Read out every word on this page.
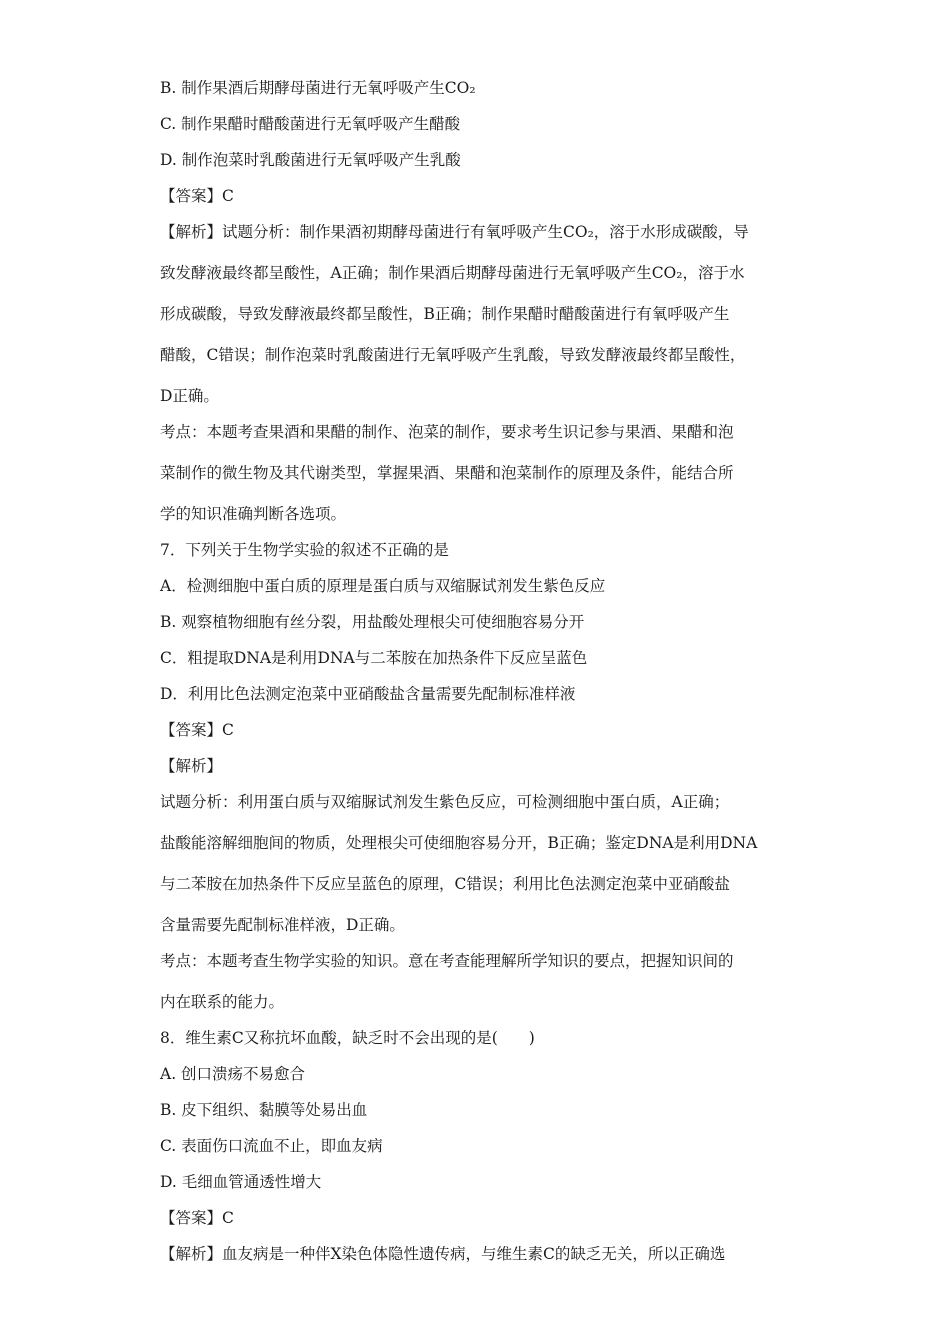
B. 制作果酒后期酵母菌进行无氧呼吸产生CO₂
C. 制作果醋时醋酸菌进行无氧呼吸产生醋酸
D. 制作泡菜时乳酸菌进行无氧呼吸产生乳酸
【答案】C
【解析】试题分析：制作果酒初期酵母菌进行有氧呼吸产生CO₂，溶于水形成碳酸，导
致发酵液最终都呈酸性，A正确；制作果酒后期酵母菌进行无氧呼吸产生CO₂，溶于水
形成碳酸，导致发酵液最终都呈酸性，B正确；制作果醋时醋酸菌进行有氧呼吸产生
醋酸，C错误；制作泡菜时乳酸菌进行无氧呼吸产生乳酸，导致发酵液最终都呈酸性，
D正确。
考点：本题考查果酒和果醋的制作、泡菜的制作，要求考生识记参与果酒、果醋和泡
菜制作的微生物及其代谢类型，掌握果酒、果醋和泡菜制作的原理及条件，能结合所
学的知识准确判断各选项。
7．下列关于生物学实验的叙述不正确的是
A．检测细胞中蛋白质的原理是蛋白质与双缩脲试剂发生紫色反应
B. 观察植物细胞有丝分裂，用盐酸处理根尖可使细胞容易分开
C．粗提取DNA是利用DNA与二苯胺在加热条件下反应呈蓝色
D．利用比色法测定泡菜中亚硝酸盐含量需要先配制标准样液
【答案】C
【解析】
试题分析：利用蛋白质与双缩脲试剂发生紫色反应，可检测细胞中蛋白质，A正确；
盐酸能溶解细胞间的物质，处理根尖可使细胞容易分开，B正确；鉴定DNA是利用DNA
与二苯胺在加热条件下反应呈蓝色的原理，C错误；利用比色法测定泡菜中亚硝酸盐
含量需要先配制标准样液，D正确。
考点：本题考查生物学实验的知识。意在考查能理解所学知识的要点，把握知识间的
内在联系的能力。
8．维生素C又称抗坏血酸，缺乏时不会出现的是(　　)
A. 创口溃疡不易愈合
B. 皮下组织、黏膜等处易出血
C. 表面伤口流血不止，即血友病
D. 毛细血管通透性增大
【答案】C
【解析】血友病是一种伴X染色体隐性遗传病，与维生素C的缺乏无关，所以正确选
